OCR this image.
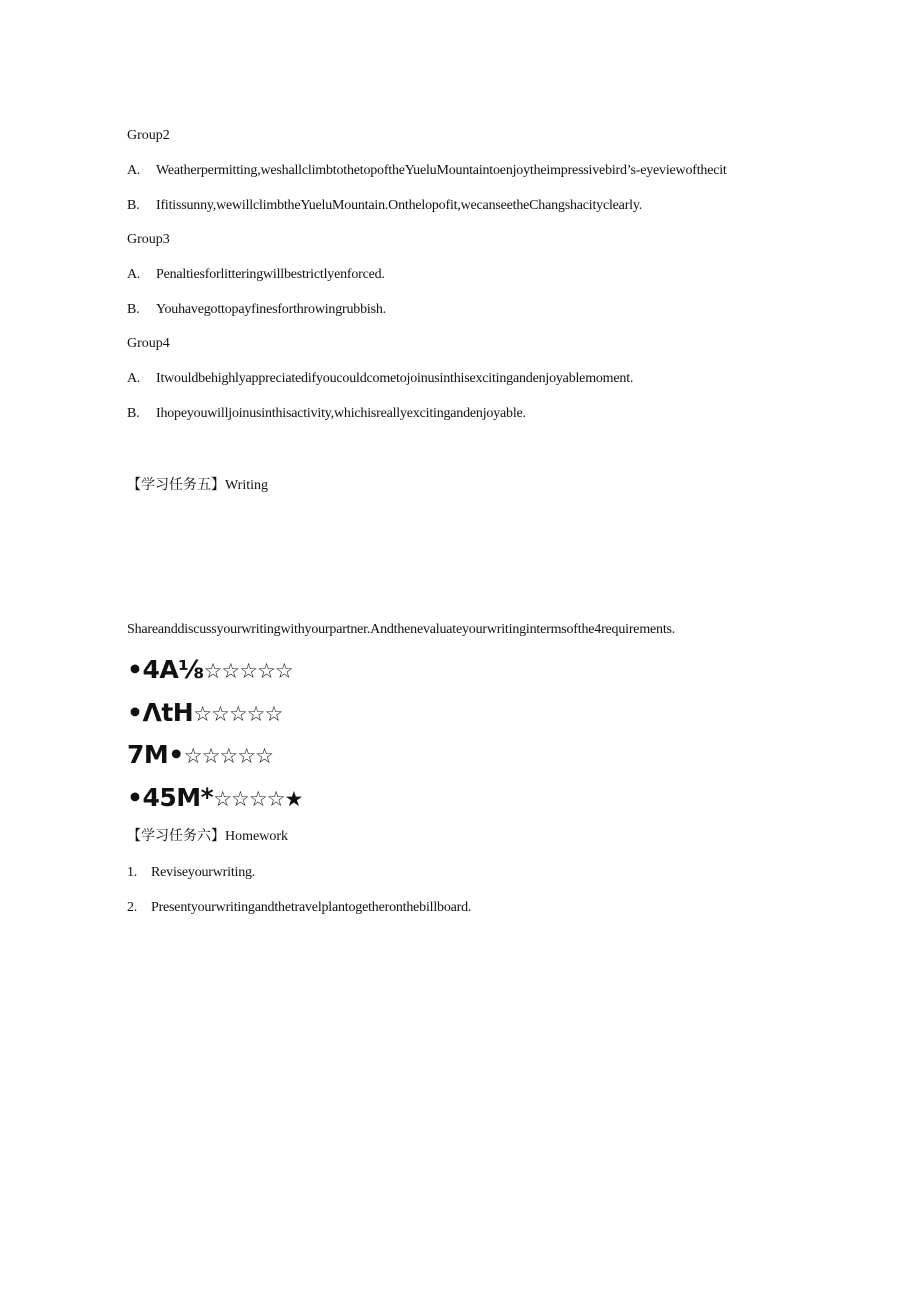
Group2
A. Weatherpermitting,weshallclimbtothetopoftheYueluMountaintoenjoytheimpressivebird’s-eyeviewofthecit
B. Ifitissunny,wewillclimbtheYueluMountain.Onthelopofit,wecanseetheChangshacityclearly.
Group3
A. Penaltiesforlitteringwillbestrictlyenforced.
B. Youhavegottopayfinesforthrowingrubbish.
Group4
A. Itwouldbehighlyappreciatedifyoucouldcometojoinusinthisexcitingandenjoyablemoment.
B. Ihopeyouwilljoinusinthisactivity,whichisreallyexcitingandenjoyable.
【学习任务五】Writing
Shareanddiscussyourwritingwithyourpartner.Andthenevaluateyourwritingintermsofthe4requirements.
•4A⅛☆☆☆☆☆
•ΛtH☆☆☆☆☆
7M•☆☆☆☆☆
•45M*☆☆☆☆★
【学习任务六】Homework
1. Reviseyourwriting.
2. Presentyourwritingandthetravelplantogetheronthebillboard.
